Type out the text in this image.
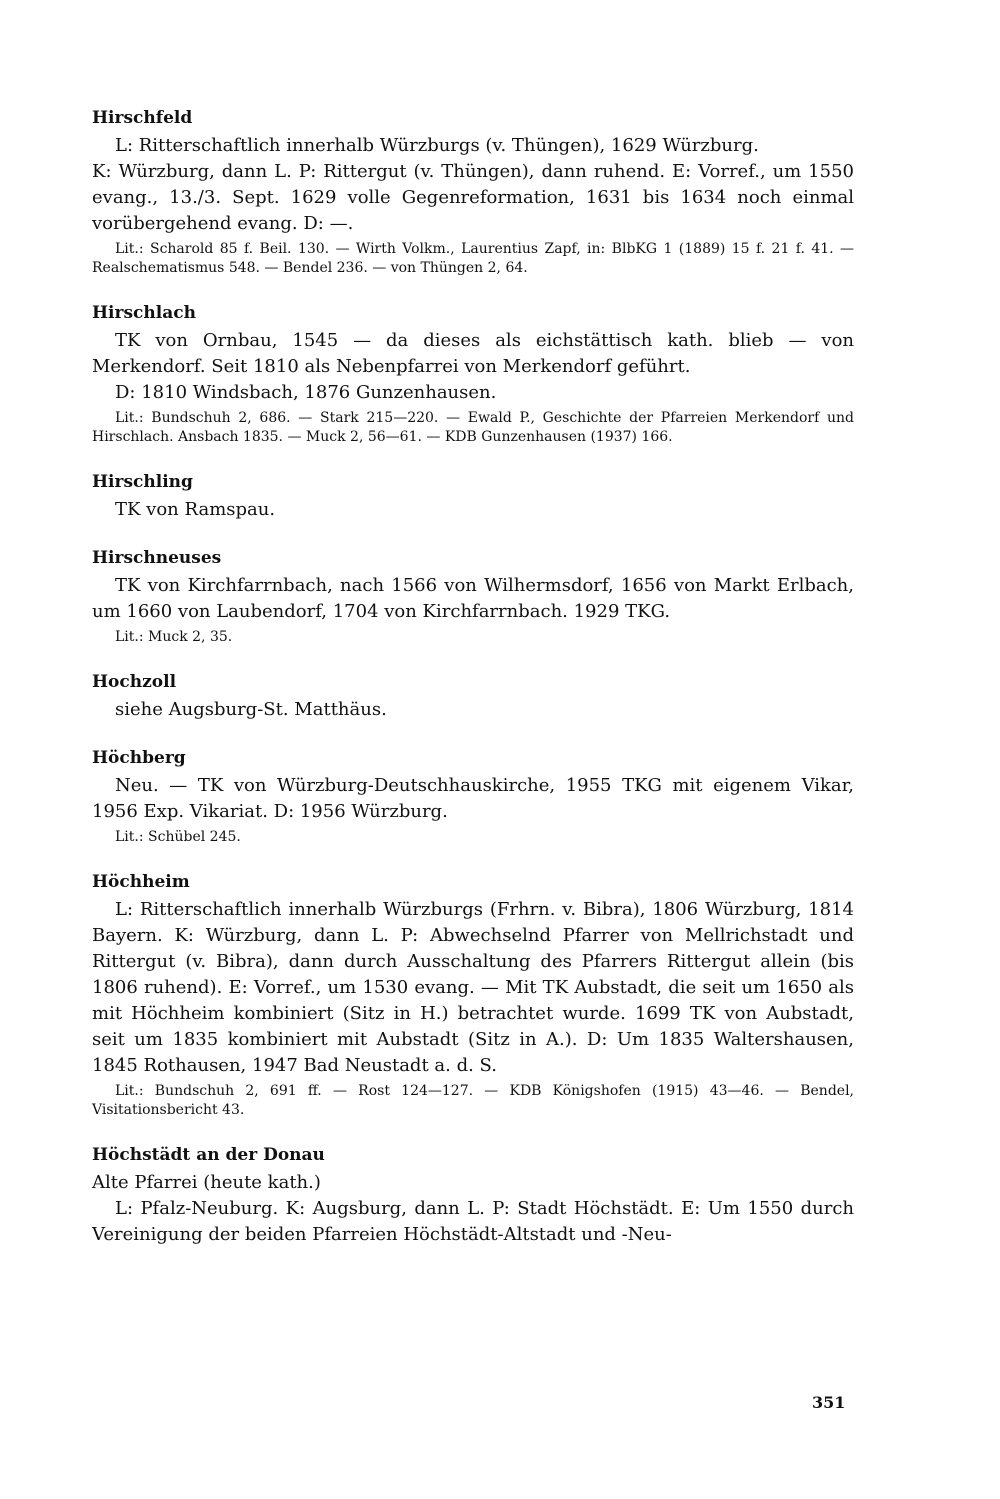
Hirschfeld

L: Ritterschaftlich innerhalb Würzburgs (v. Thüngen), 1629 Würzburg.

K: Würzburg, dann L. P: Rittergut (v. Thüngen), dann ruhend. E: Vorref., um 1550 evang., 13./3. Sept. 1629 volle Gegenreformation, 1631 bis 1634 noch einmal vorübergehend evang. D: —.

Lit.: Scharold 85 f. Beil. 130. — Wirth Volkm., Laurentius Zapf, in: BlbKG 1 (1889) 15 f. 21 f. 41. — Realschematismus 548. — Bendel 236. — von Thüngen 2, 64.

Hirschlach

TK von Ornbau, 1545 — da dieses als eichstättisch kath. blieb — von Merkendorf. Seit 1810 als Nebenpfarrei von Merkendorf geführt.

D: 1810 Windsbach, 1876 Gunzenhausen.

Lit.: Bundschuh 2, 686. — Stark 215—220. — Ewald P., Geschichte der Pfarreien Merkendorf und Hirschlach. Ansbach 1835. — Muck 2, 56—61. — KDB Gunzenhausen (1937) 166.

Hirschling

TK von Ramspau.

Hirschneuses

TK von Kirchfarrnbach, nach 1566 von Wilhermsdorf, 1656 von Markt Erlbach, um 1660 von Laubendorf, 1704 von Kirchfarrnbach. 1929 TKG.

Lit.: Muck 2, 35.

Hochzoll

siehe Augsburg-St. Matthäus.

Höchberg

Neu. — TK von Würzburg-Deutschhauskirche, 1955 TKG mit eigenem Vikar, 1956 Exp. Vikariat. D: 1956 Würzburg.

Lit.: Schübel 245.

Höchheim

L: Ritterschaftlich innerhalb Würzburgs (Frhrn. v. Bibra), 1806 Würzburg, 1814 Bayern. K: Würzburg, dann L. P: Abwechselnd Pfarrer von Mellrichstadt und Rittergut (v. Bibra), dann durch Ausschaltung des Pfarrers Rittergut allein (bis 1806 ruhend). E: Vorref., um 1530 evang. — Mit TK Aubstadt, die seit um 1650 als mit Höchheim kombiniert (Sitz in H.) betrachtet wurde. 1699 TK von Aubstadt, seit um 1835 kombiniert mit Aubstadt (Sitz in A.). D: Um 1835 Waltershausen, 1845 Rothausen, 1947 Bad Neustadt a. d. S.

Lit.: Bundschuh 2, 691 ff. — Rost 124—127. — KDB Königshofen (1915) 43—46. — Bendel, Visitationsbericht 43.

Höchstädt an der Donau

Alte Pfarrei (heute kath.)

L: Pfalz-Neuburg. K: Augsburg, dann L. P: Stadt Höchstädt. E: Um 1550 durch Vereinigung der beiden Pfarreien Höchstädt-Altstadt und -Neu-

351
